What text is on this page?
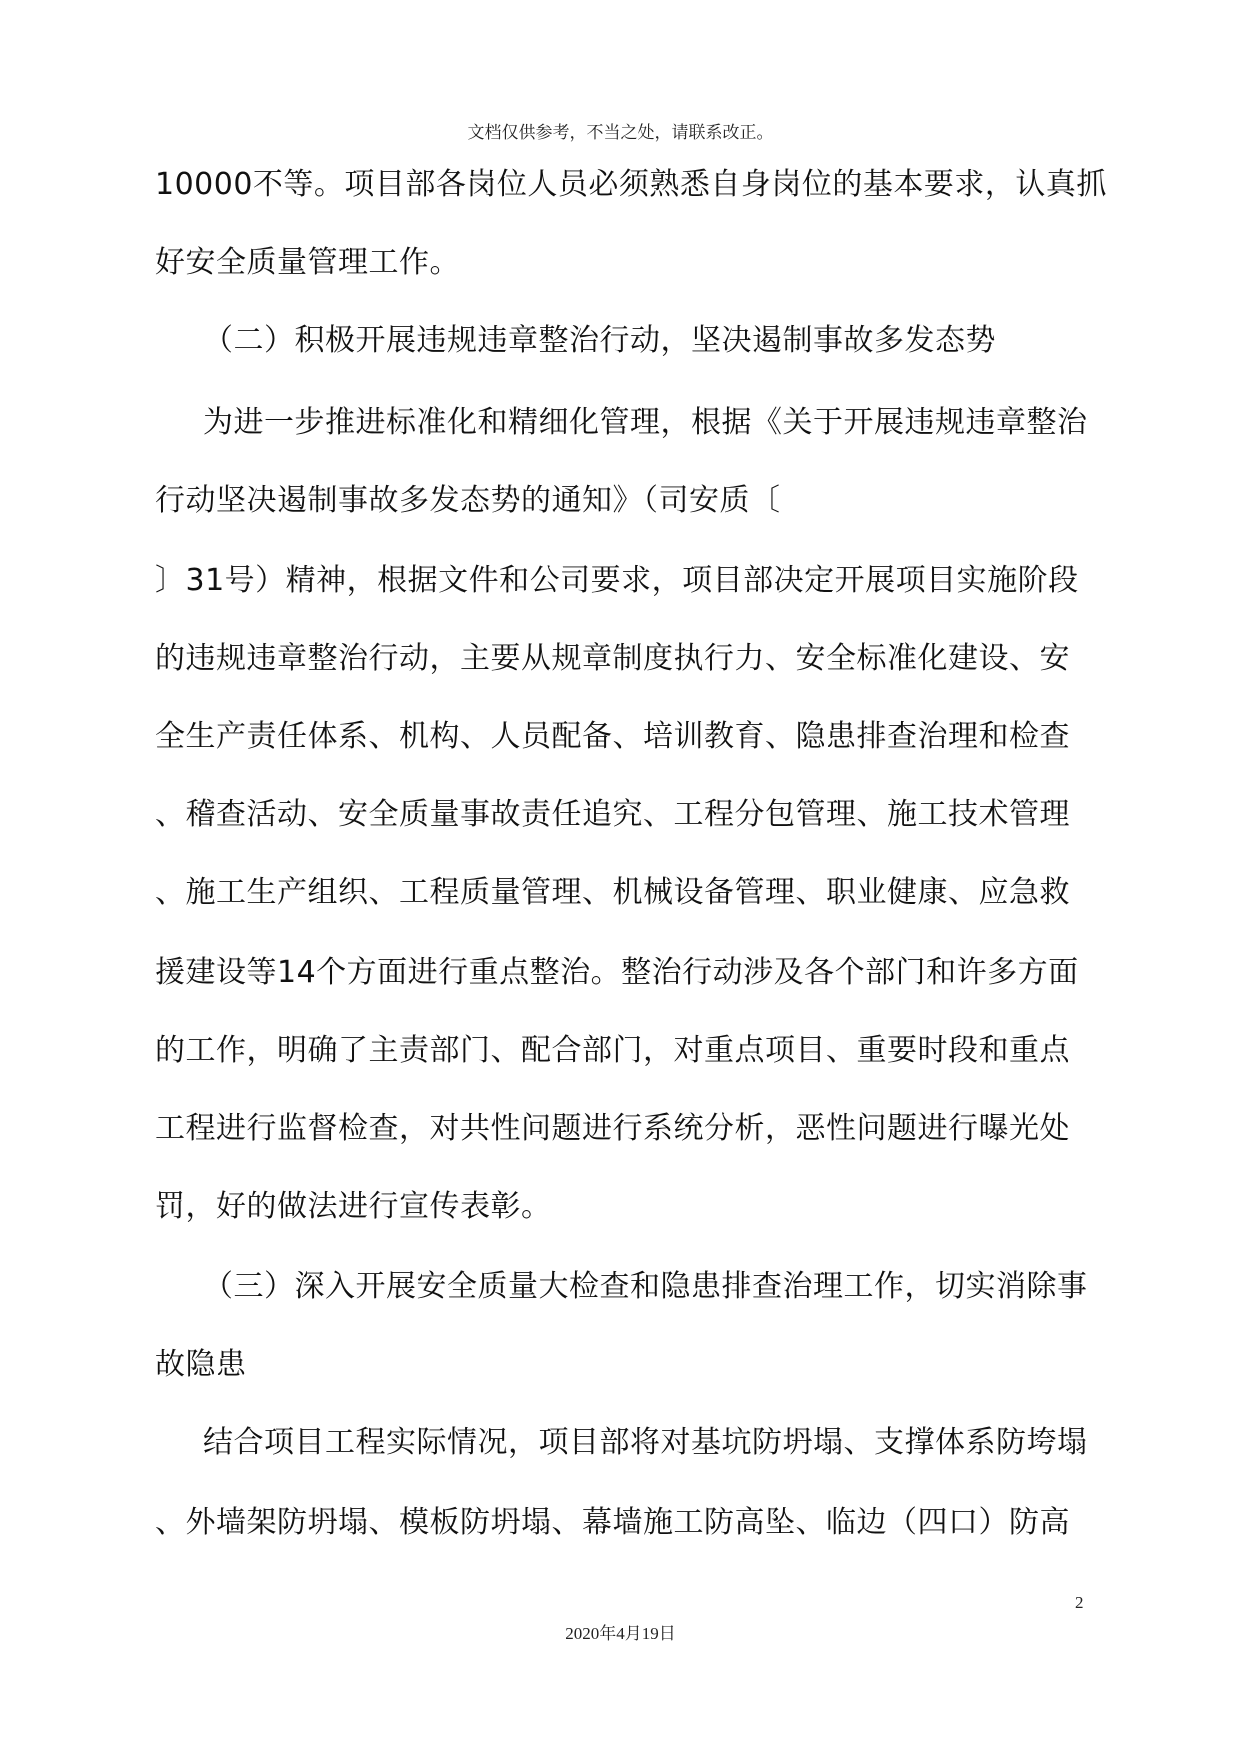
文档仅供参考，不当之处，请联系改正。
10000不等。项目部各岗位人员必须熟悉自身岗位的基本要求，认真抓
好安全质量管理工作。
（二）积极开展违规违章整治行动，坚决遏制事故多发态势
为进一步推进标准化和精细化管理，根据《关于开展违规违章整治
行动坚决遏制事故多发态势的通知》（司安质〔
〕31号）精神，根据文件和公司要求，项目部决定开展项目实施阶段
的违规违章整治行动，主要从规章制度执行力、安全标准化建设、安
全生产责任体系、机构、人员配备、培训教育、隐患排查治理和检查
、稽查活动、安全质量事故责任追究、工程分包管理、施工技术管理
、施工生产组织、工程质量管理、机械设备管理、职业健康、应急救
援建设等14个方面进行重点整治。整治行动涉及各个部门和许多方面
的工作，明确了主责部门、配合部门，对重点项目、重要时段和重点
工程进行监督检查，对共性问题进行系统分析，恶性问题进行曝光处
罚，好的做法进行宣传表彰。
（三）深入开展安全质量大检查和隐患排查治理工作，切实消除事
故隐患
结合项目工程实际情况，项目部将对基坑防坍塌、支撑体系防垮塌
、外墙架防坍塌、模板防坍塌、幕墙施工防高坠、临边（四口）防高
2
2020年4月19日
